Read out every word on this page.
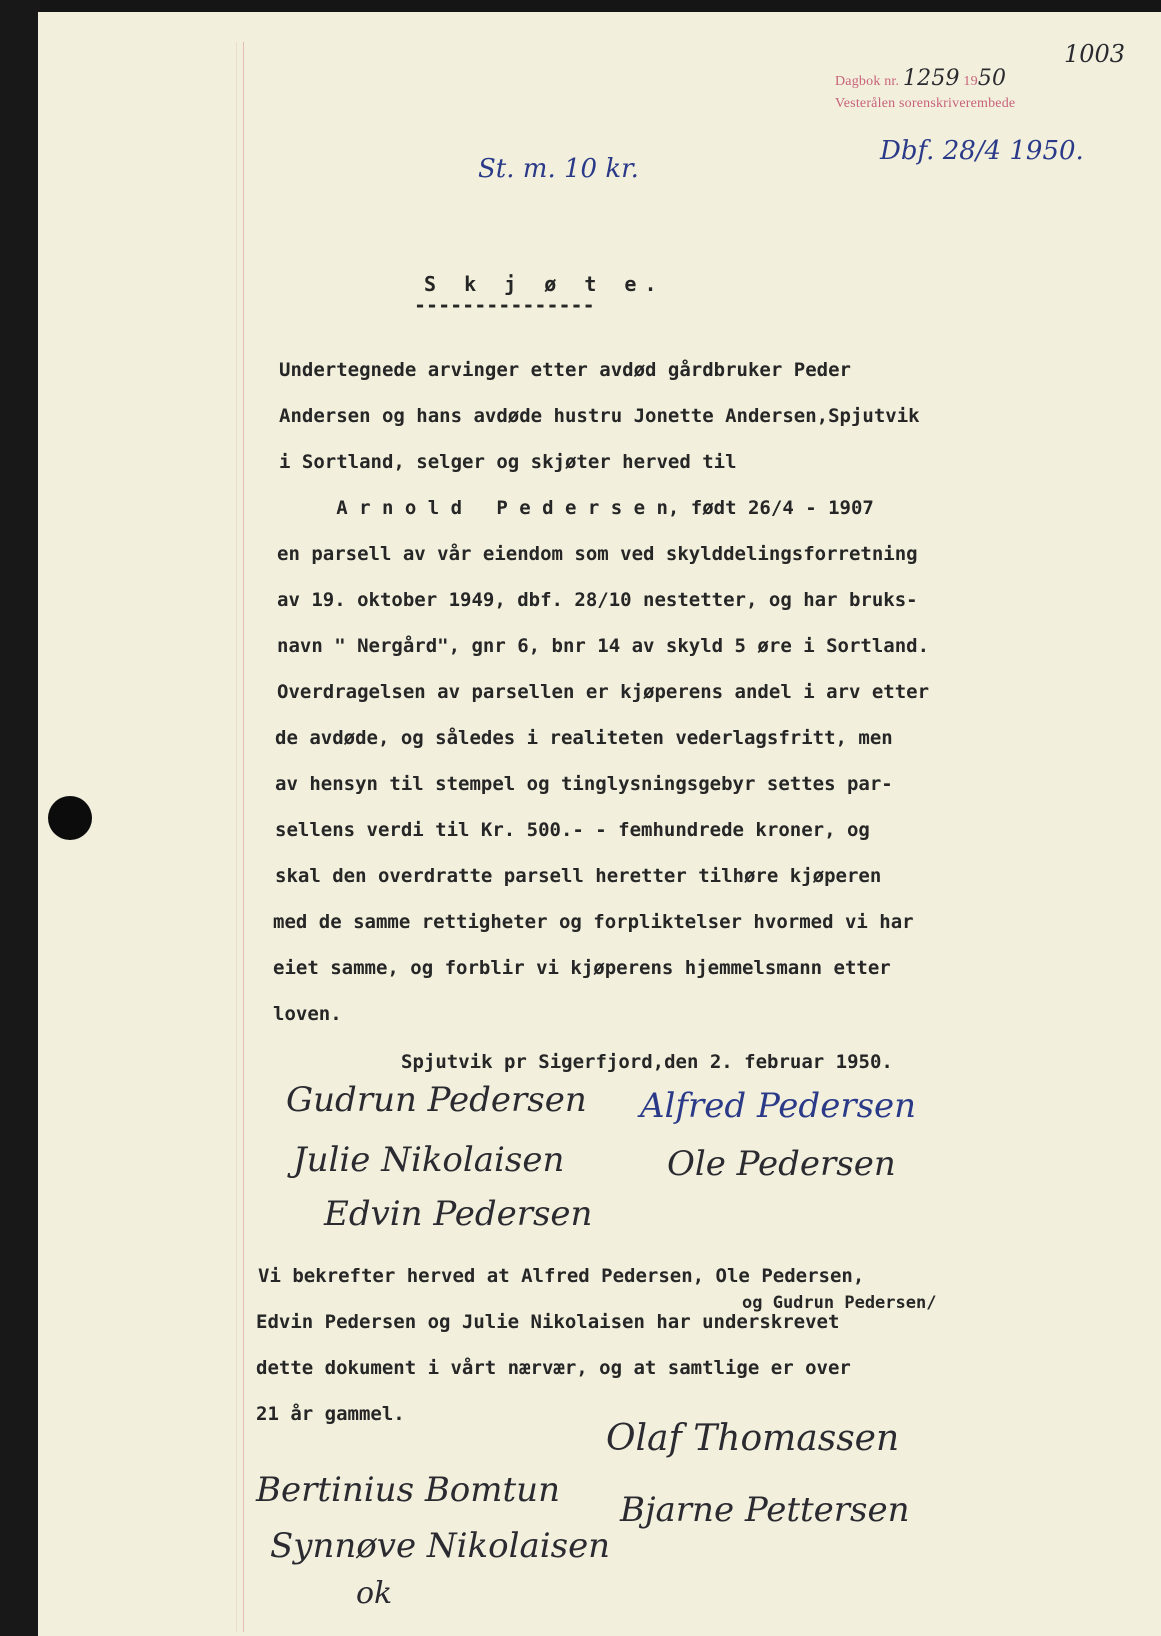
Dagbok nr. 1259 1950
Vesterålen sorenskriverembede
1003
St. m. 10 kr.
Dbf. 28/4 1950.
S k j ø t e.
---------------
Undertegnede arvinger etter avdød gårdbruker Peder
Andersen og hans avdøde hustru Jonette Andersen,Spjutvik
i Sortland, selger og skjøter herved til
A r n o l d   P e d e r s e n, født 26/4 - 1907
en parsell av vår eiendom som ved skylddelingsforretning
av 19. oktober 1949, dbf. 28/10 nestetter, og har bruks-
navn " Nergård", gnr 6, bnr 14 av skyld 5 øre i Sortland.
Overdragelsen av parsellen er kjøperens andel i arv etter
de avdøde, og således i realiteten vederlagsfritt, men
av hensyn til stempel og tinglysningsgebyr settes par-
sellens verdi til Kr. 500.- - femhundrede kroner, og
skal den overdratte parsell heretter tilhøre kjøperen
med de samme rettigheter og forpliktelser hvormed vi har
eiet samme, og forblir vi kjøperens hjemmelsmann etter
loven.
Spjutvik pr Sigerfjord,den 2. februar 1950.
Gudrun Pedersen Alfred Pedersen
Julie Nikolaisen	Ole Pedersen
Edvin Pedersen
Vi bekrefter herved at Alfred Pedersen, Ole Pedersen,
og Gudrun Pedersen/
Edvin Pedersen og Julie Nikolaisen har underskrevet
dette dokument i vårt nærvær, og at samtlige er over
21 år gammel.
Olaf Thomassen
Bertinius Bomtun Bjarne Pettersen
Synnøve Nikolaisen
ok
